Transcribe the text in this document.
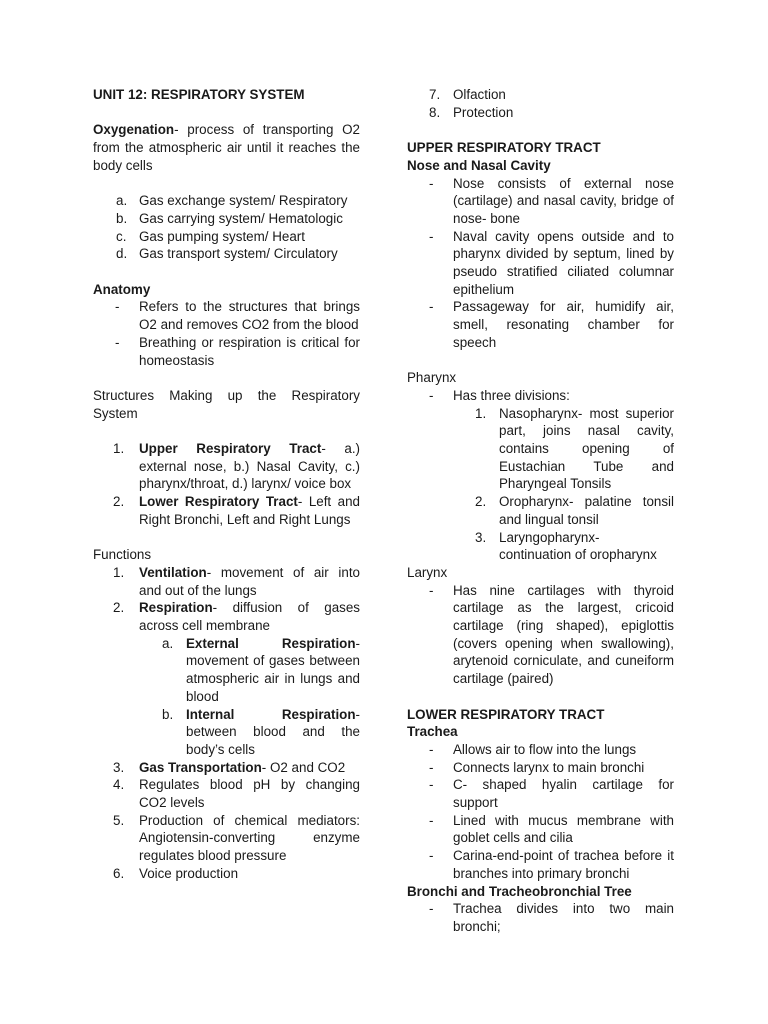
UNIT 12: RESPIRATORY SYSTEM

Oxygenation- process of transporting O2 from the atmospheric air until it reaches the body cells

a. Gas exchange system/ Respiratory
b. Gas carrying system/ Hematologic
c. Gas pumping system/ Heart
d. Gas transport system/ Circulatory

Anatomy

-	Refers to the structures that brings O2 and removes CO2 from the blood
-	Breathing or respiration is critical for homeostasis

Structures Making up the Respiratory System

1.	Upper Respiratory Tract- a.) external nose, b.) Nasal Cavity, c.) pharynx/throat, d.) larynx/ voice box
2.	Lower Respiratory Tract- Left and Right Bronchi, Left and Right Lungs

Functions

1.	Ventilation- movement of air into and out of the lungs
2.	Respiration- diffusion of gases across cell membrane
a. External Respiration- movement of gases between atmospheric air in lungs and blood
b. Internal Respiration- between blood and the body’s cells
3.	Gas Transportation- O2 and CO2
4.	Regulates blood pH by changing CO2 levels
5.	Production of chemical mediators: Angiotensin-converting enzyme regulates blood pressure
6.	Voice production
7. Olfaction
8. Protection

UPPER RESPIRATORY TRACT

Nose and Nasal Cavity

-	Nose consists of external nose (cartilage) and nasal cavity, bridge of nose- bone
-	Naval cavity opens outside and to pharynx divided by septum, lined by pseudo stratified ciliated columnar epithelium
-	Passageway for air, humidify air, smell, resonating chamber for speech

Pharynx

-	Has three divisions:
1. Nasopharynx- most superior part, joins nasal cavity, contains opening of Eustachian Tube and Pharyngeal Tonsils
2. Oropharynx- palatine tonsil and lingual tonsil
3. Laryngopharynx- continuation of oropharynx

Larynx

-	Has nine cartilages with thyroid cartilage as the largest, cricoid cartilage (ring shaped), epiglottis (covers opening when swallowing), arytenoid corniculate, and cuneiform cartilage (paired)

LOWER RESPIRATORY TRACT

Trachea

-	Allows air to flow into the lungs
-	Connects larynx to main bronchi
-	C- shaped hyalin cartilage for support
-	Lined with mucus membrane with goblet cells and cilia
-	Carina-end-point of trachea before it branches into primary bronchi

Bronchi and Tracheobronchial Tree

-	Trachea divides into two main bronchi;
